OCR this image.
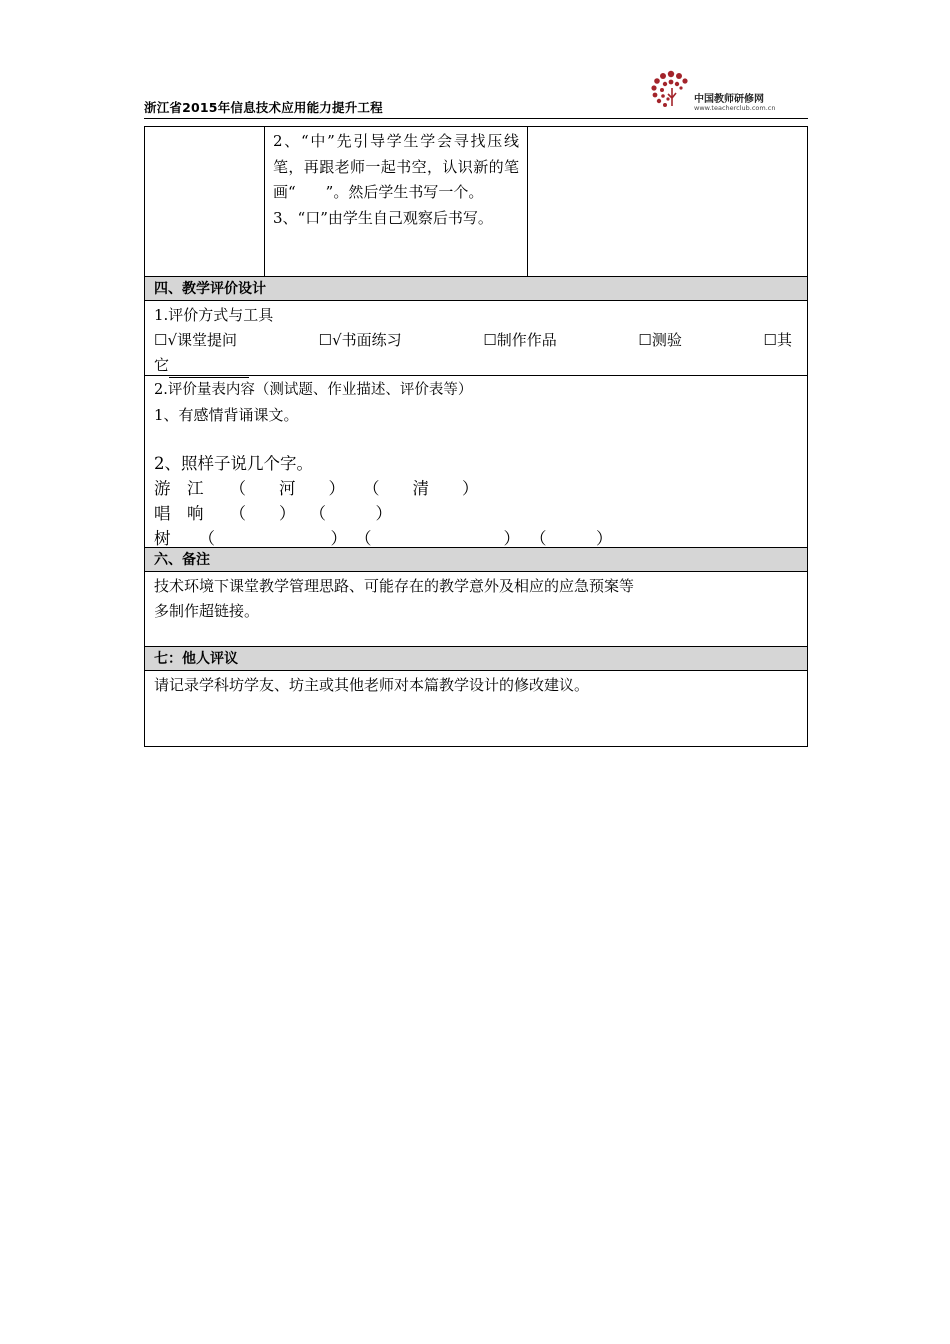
浙江省2015年信息技术应用能力提升工程
中国教师研修网
www.teacherclub.com.cn

2、“中”先引导学生学会寻找压线笔，再跟老师一起书空，认识新的笔画“　　”。然后学生书写一个。

3、“口”由学生自己观察后书写。

四、教学评价设计

1.评价方式与工具

☐√课堂提问	☐√书面练习	☐制作作品	☐测验	☐其

它

2.评价量表内容（测试题、作业描述、评价表等）

1、有感情背诵课文。

2、照样子说几个字。

游　江 （　　河　　） （　　清　　）

唱　响 （　　） （　　　）

树 （　　　　　　　） （　　　　　　　　） （　　　）

六、备注

技术环境下课堂教学管理思路、可能存在的教学意外及相应的应急预案等

多制作超链接。

七：他人评议

请记录学科坊学友、坊主或其他老师对本篇教学设计的修改建议。
